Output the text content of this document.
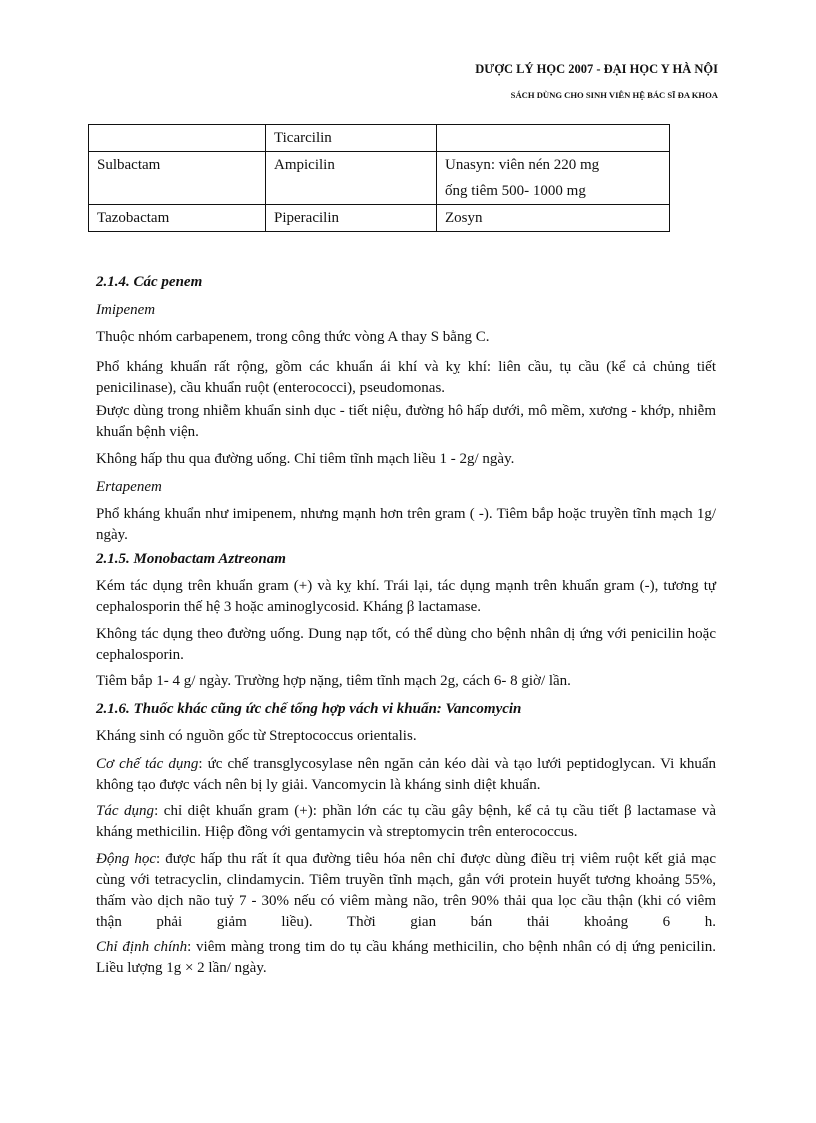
DƯỢC LÝ HỌC 2007 - ĐẠI HỌC Y HÀ NỘI
SÁCH DÙNG CHO SINH VIÊN HỆ BÁC SĨ ĐA KHOA
	Ticarcilin	
Sulbactam	Ampicilin	Unasyn: viên nén 220 mg
ống tiêm 500- 1000 mg

Tazobactam	Piperacilin	Zosyn
2.1.4. Các penem
Imipenem
Thuộc nhóm carbapenem, trong công thức vòng A thay S bằng C.
Phổ kháng khuẩn rất rộng, gồm các khuẩn ái khí và kỵ khí: liên cầu, tụ cầu (kể cả chủng tiết penicilinase), cầu khuẩn ruột (enterococci), pseudomonas.
Được dùng trong nhiễm khuẩn sinh dục - tiết niệu, đường hô hấp dưới, mô mềm, xương - khớp, nhiễm khuẩn bệnh viện.
Không hấp thu qua đường uống. Chỉ tiêm tĩnh mạch liều 1 - 2g/ ngày.
Ertapenem
Phổ kháng khuẩn như imipenem, nhưng mạnh hơn trên gram ( -). Tiêm bắp hoặc truyền tĩnh mạch 1g/ ngày.
2.1.5. Monobactam Aztreonam
Kém tác dụng trên khuẩn gram (+) và kỵ khí. Trái lại, tác dụng mạnh trên khuẩn gram (-), tương tự cephalosporin thế hệ 3 hoặc aminoglycosid. Kháng β lactamase.
Không tác dụng theo đường uống. Dung nạp tốt, có thể dùng cho bệnh nhân dị ứng với penicilin hoặc cephalosporin.
Tiêm bắp 1- 4 g/ ngày. Trường hợp nặng, tiêm tĩnh mạch 2g, cách 6- 8 giờ/ lần.
2.1.6. Thuốc khác cũng ức chế tổng hợp vách vi khuẩn: Vancomycin
Kháng sinh có nguồn gốc từ Streptococcus orientalis.
Cơ chế tác dụng: ức chế transglycosylase nên ngăn cản kéo dài và tạo lưới peptidoglycan. Vi khuẩn không tạo được vách nên bị ly giải. Vancomycin là kháng sinh diệt khuẩn.
Tác dụng: chỉ diệt khuẩn gram (+): phần lớn các tụ cầu gây bệnh, kể cả tụ cầu tiết β lactamase và kháng methicilin. Hiệp đồng với gentamycin và streptomycin trên enterococcus.
Động học: được hấp thu rất ít qua đường tiêu hóa nên chỉ được dùng điều trị viêm ruột kết giả mạc cùng với tetracyclin, clindamycin. Tiêm truyền tĩnh mạch, gắn với protein huyết tương khoảng 55%, thấm vào dịch não tuỷ 7 - 30% nếu có viêm màng não, trên 90% thải qua lọc cầu thận (khi có viêm thận phải giảm liều). Thời gian bán thải khoảng 6 h.
Chỉ định chính: viêm màng trong tim do tụ cầu kháng methicilin, cho bệnh nhân có dị ứng penicilin. Liều lượng 1g × 2 lần/ ngày.
